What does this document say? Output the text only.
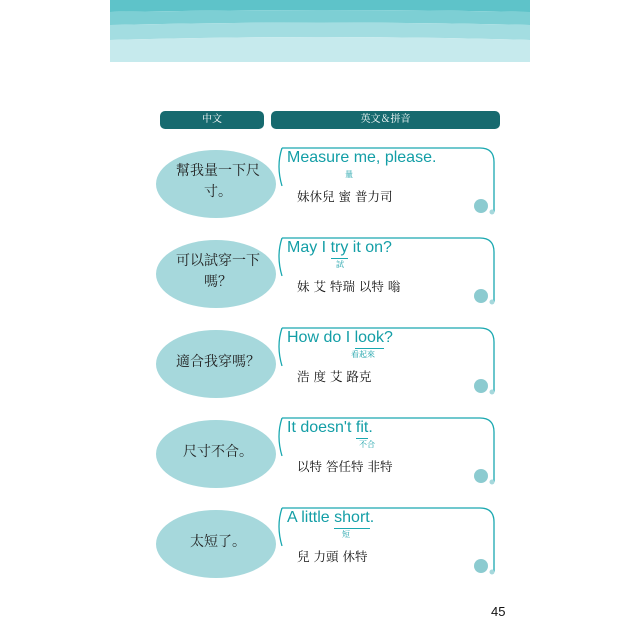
中文	英文＆拼音
幫我量一下尺寸。
Measure me, please.
量
妹休兒 蜜 普力司
可以試穿一下嗎？
May I try it on?
試
妹 艾 特瑞 以特 嗡
適合我穿嗎？
How do I look?
看起來
浩 度 艾 路克
尺寸不合。
It doesn't fit.
不合
以特 答任特 非特
太短了。
A little short.
短
兒 力頭 休特
45
